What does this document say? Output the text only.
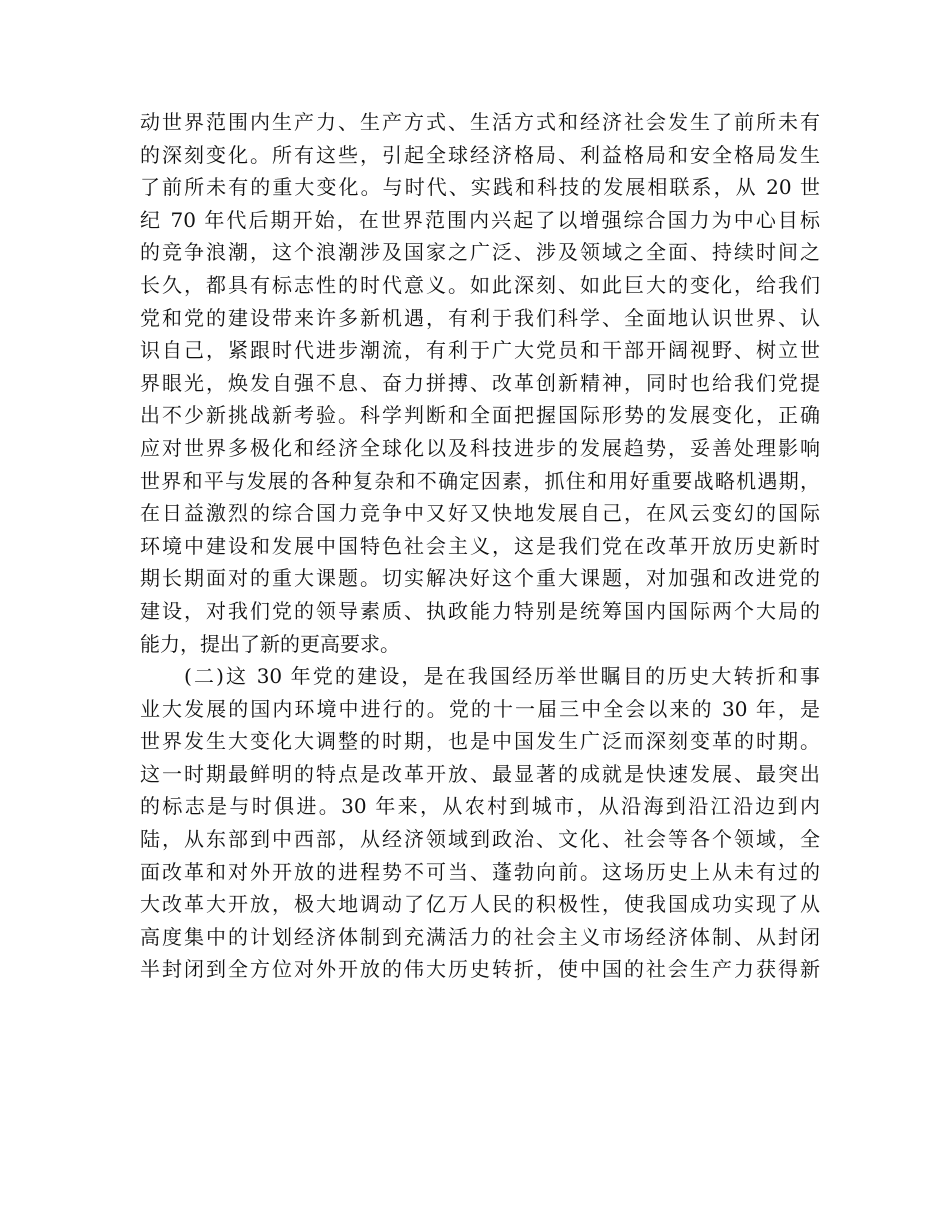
动世界范围内生产力、生产方式、生活方式和经济社会发生了前所未有
的深刻变化。所有这些，引起全球经济格局、利益格局和安全格局发生
了前所未有的重大变化。与时代、实践和科技的发展相联系，从 20 世
纪 70 年代后期开始，在世界范围内兴起了以增强综合国力为中心目标
的竞争浪潮，这个浪潮涉及国家之广泛、涉及领域之全面、持续时间之
长久，都具有标志性的时代意义。如此深刻、如此巨大的变化，给我们
党和党的建设带来许多新机遇，有利于我们科学、全面地认识世界、认
识自己，紧跟时代进步潮流，有利于广大党员和干部开阔视野、树立世
界眼光，焕发自强不息、奋力拼搏、改革创新精神，同时也给我们党提
出不少新挑战新考验。科学判断和全面把握国际形势的发展变化，正确
应对世界多极化和经济全球化以及科技进步的发展趋势，妥善处理影响
世界和平与发展的各种复杂和不确定因素，抓住和用好重要战略机遇期，
在日益激烈的综合国力竞争中又好又快地发展自己，在风云变幻的国际
环境中建设和发展中国特色社会主义，这是我们党在改革开放历史新时
期长期面对的重大课题。切实解决好这个重大课题，对加强和改进党的
建设，对我们党的领导素质、执政能力特别是统筹国内国际两个大局的
能力，提出了新的更高要求。
(二)这 30 年党的建设，是在我国经历举世瞩目的历史大转折和事
业大发展的国内环境中进行的。党的十一届三中全会以来的 30 年，是
世界发生大变化大调整的时期，也是中国发生广泛而深刻变革的时期。
这一时期最鲜明的特点是改革开放、最显著的成就是快速发展、最突出
的标志是与时俱进。30 年来，从农村到城市，从沿海到沿江沿边到内
陆，从东部到中西部，从经济领域到政治、文化、社会等各个领域，全
面改革和对外开放的进程势不可当、蓬勃向前。这场历史上从未有过的
大改革大开放，极大地调动了亿万人民的积极性，使我国成功实现了从
高度集中的计划经济体制到充满活力的社会主义市场经济体制、从封闭
半封闭到全方位对外开放的伟大历史转折，使中国的社会生产力获得新
